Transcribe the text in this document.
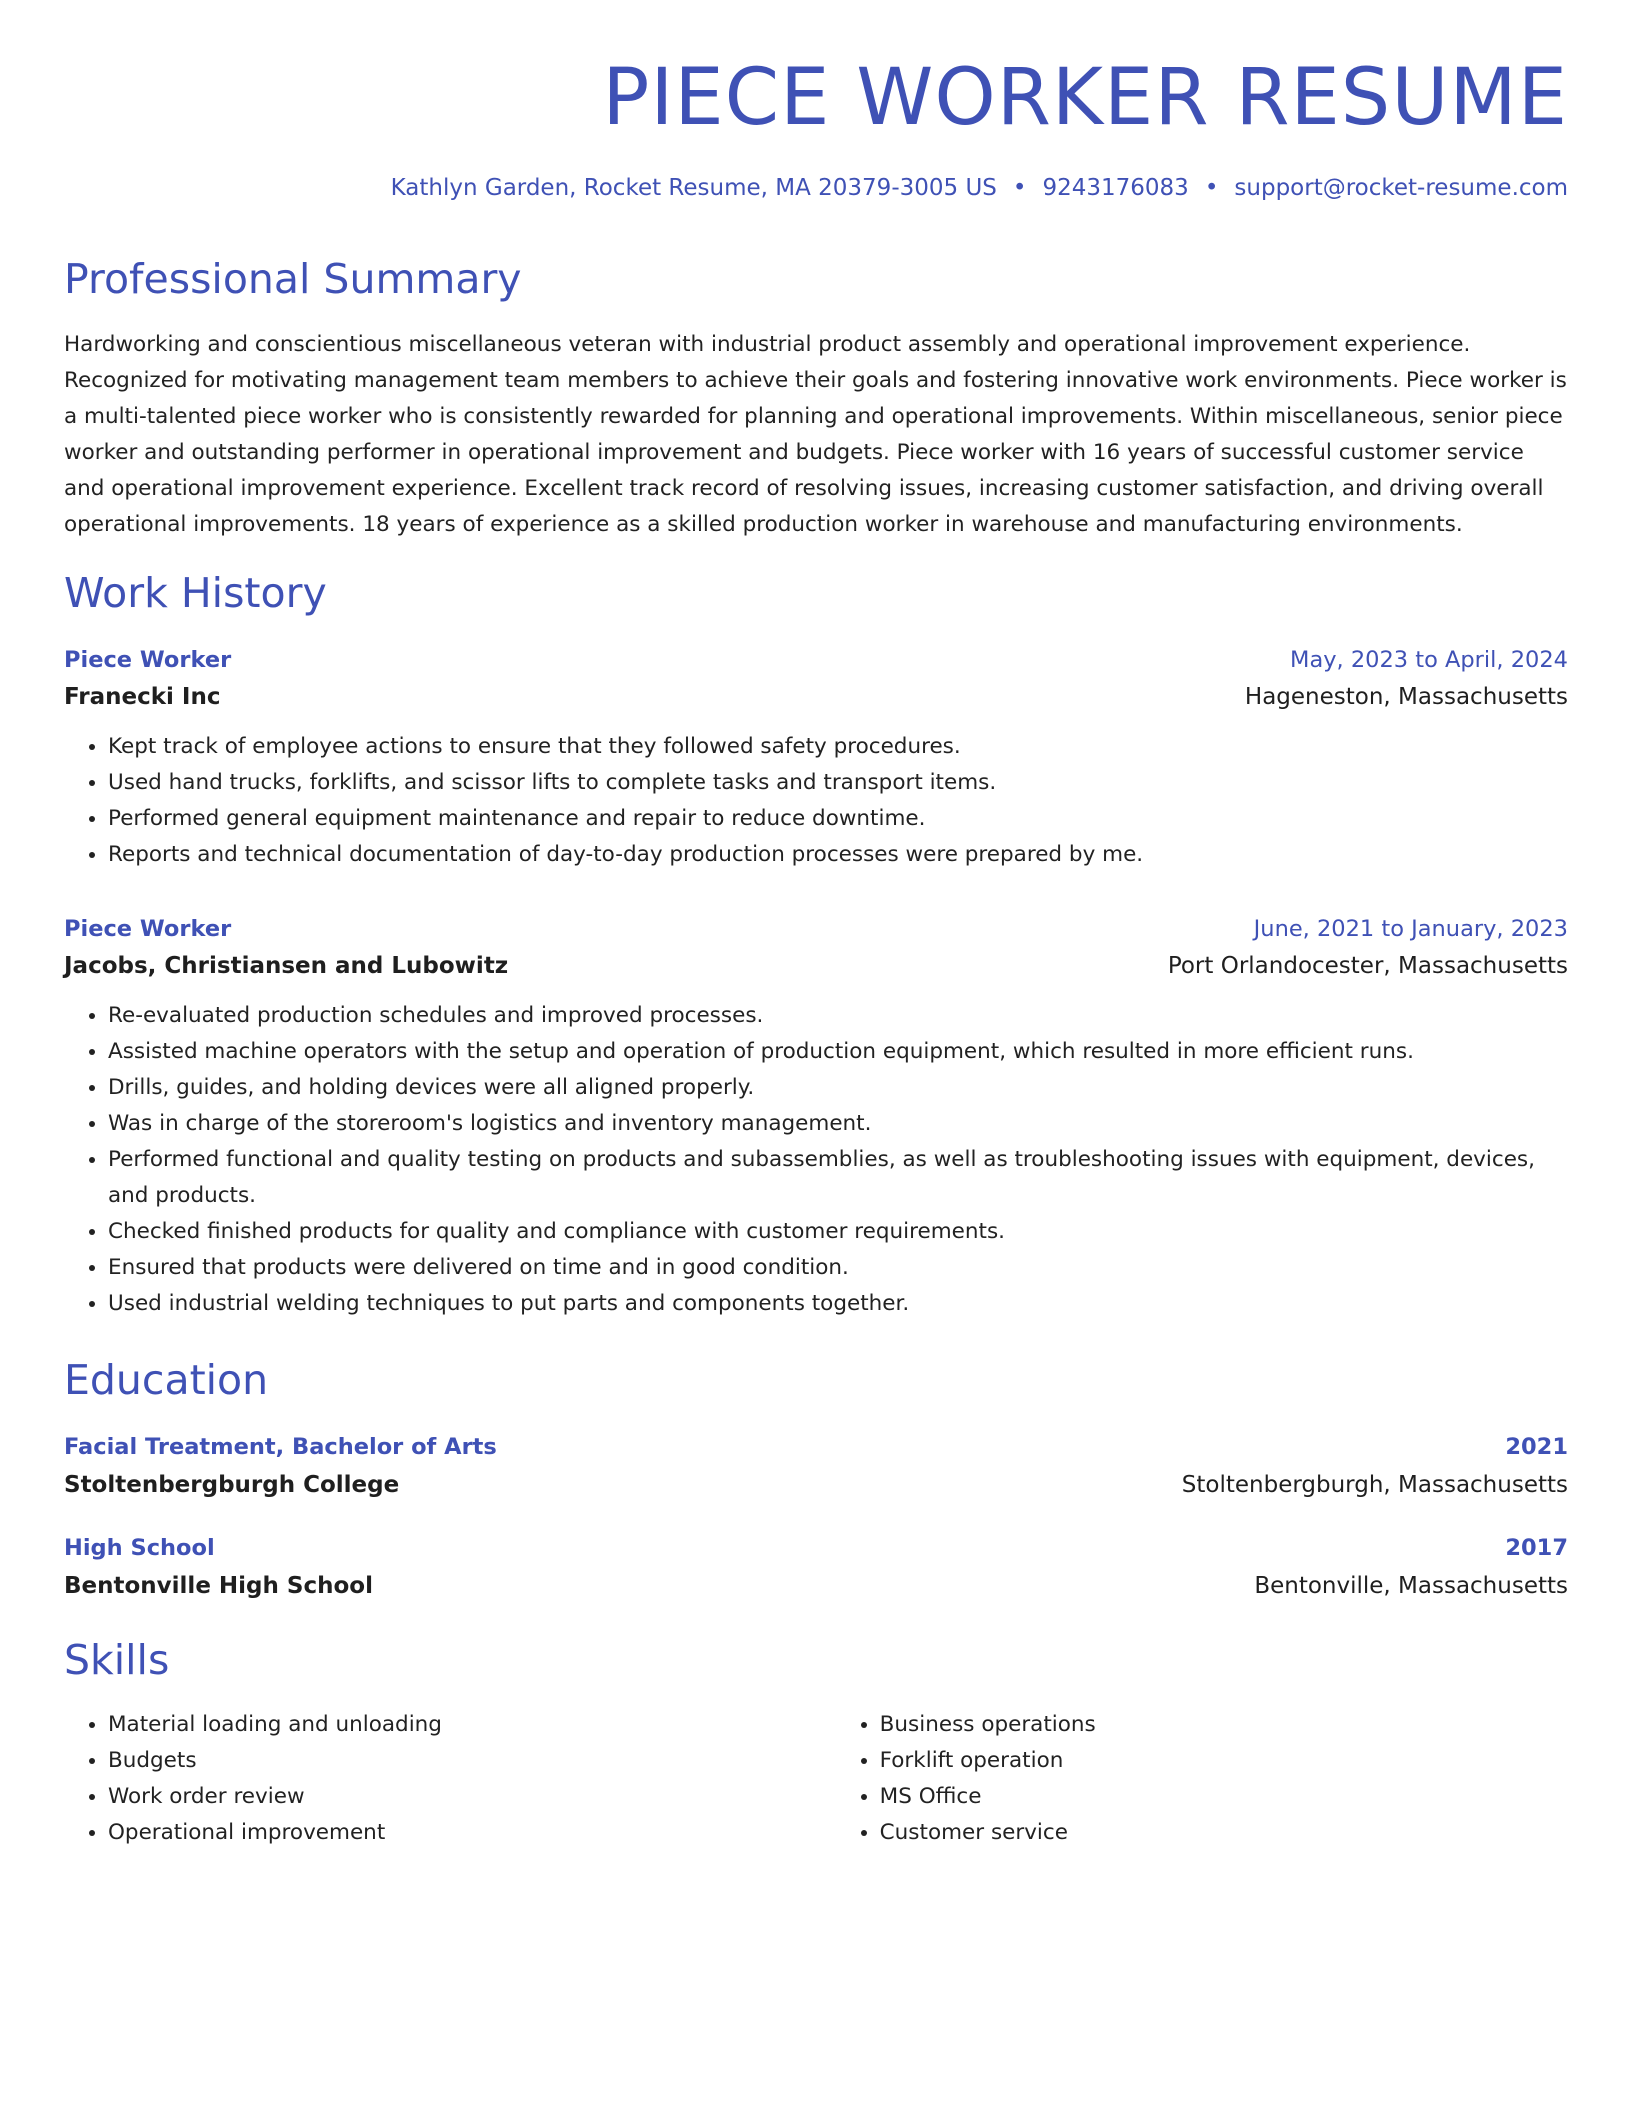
PIECE WORKER RESUME
Kathlyn Garden, Rocket Resume, MA 20379-3005 US • 9243176083 • support@rocket-resume.com
Professional Summary

Hardworking and conscientious miscellaneous veteran with industrial product assembly and operational improvement experience. Recognized for motivating management team members to achieve their goals and fostering innovative work environments. Piece worker is a multi-talented piece worker who is consistently rewarded for planning and operational improvements. Within miscellaneous, senior piece worker and outstanding performer in operational improvement and budgets. Piece worker with 16 years of successful customer service and operational improvement experience. Excellent track record of resolving issues, increasing customer satisfaction, and driving overall operational improvements. 18 years of experience as a skilled production worker in warehouse and manufacturing environments.

Work History
Piece Worker	May, 2023 to April, 2024
Franecki Inc	Hageneston, Massachusetts
• Kept track of employee actions to ensure that they followed safety procedures.
• Used hand trucks, forklifts, and scissor lifts to complete tasks and transport items.
• Performed general equipment maintenance and repair to reduce downtime.
• Reports and technical documentation of day-to-day production processes were prepared by me.
Piece Worker	June, 2021 to January, 2023
Jacobs, Christiansen and Lubowitz	Port Orlandocester, Massachusetts
• Re-evaluated production schedules and improved processes.
• Assisted machine operators with the setup and operation of production equipment, which resulted in more efficient runs.
• Drills, guides, and holding devices were all aligned properly.
• Was in charge of the storeroom's logistics and inventory management.
• Performed functional and quality testing on products and subassemblies, as well as troubleshooting issues with equipment, devices, and products.
• Checked finished products for quality and compliance with customer requirements.
• Ensured that products were delivered on time and in good condition.
• Used industrial welding techniques to put parts and components together.
Education
Facial Treatment, Bachelor of Arts	2021
Stoltenbergburgh College	Stoltenbergburgh, Massachusetts
High School	2017
Bentonville High School	Bentonville, Massachusetts
Skills
• Material loading and unloading
• Budgets
• Work order review
• Operational improvement
• Business operations
• Forklift operation
• MS Office
• Customer service
